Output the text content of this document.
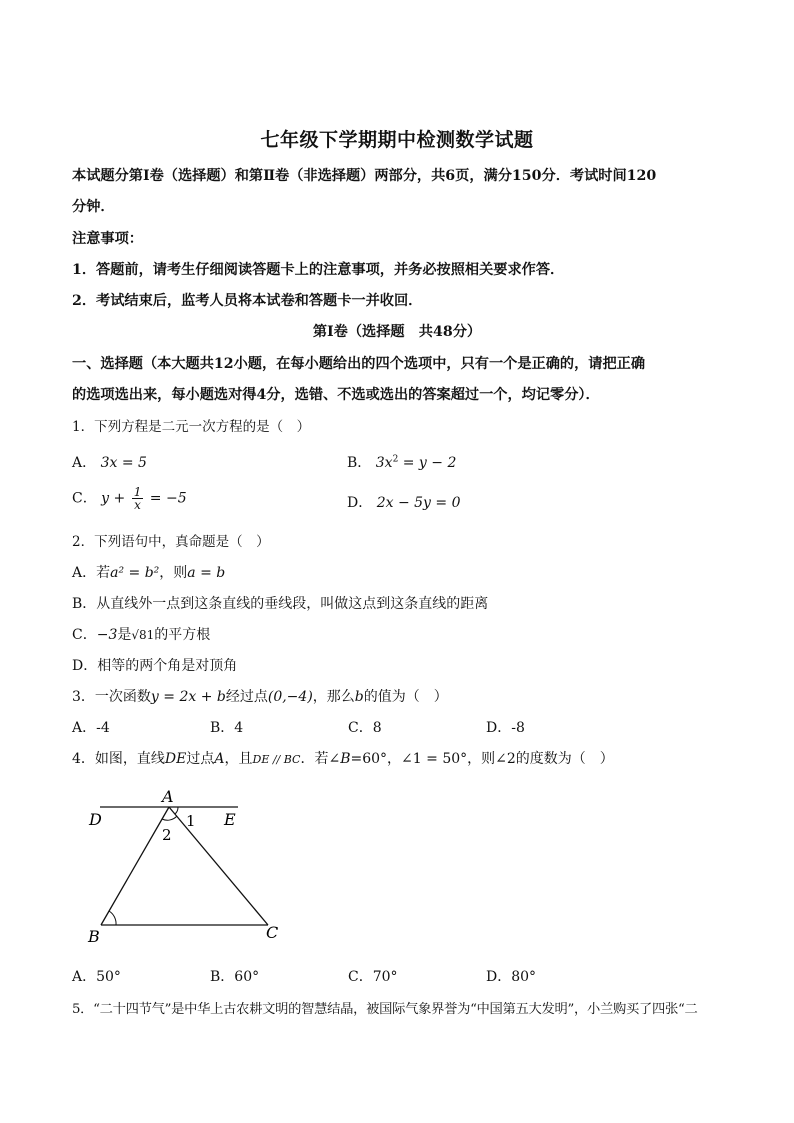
七年级下学期期中检测数学试题
本试题分第Ⅰ卷（选择题）和第Ⅱ卷（非选择题）两部分，共6页，满分150分．考试时间120
分钟．
注意事项：
1．答题前，请考生仔细阅读答题卡上的注意事项，并务必按照相关要求作答．
2．考试结束后，监考人员将本试卷和答题卡一并收回．
第Ⅰ卷（选择题　共48分）
一、选择题（本大题共12小题，在每小题给出的四个选项中，只有一个是正确的，请把正确
的选项选出来，每小题选对得4分，选错、不选或选出的答案超过一个，均记零分）．
1．下列方程是二元一次方程的是（　）
A． 3x = 5	B． $3x^2 = y - 2$
C． $y + \frac{1}{x} = -5$	D． 2x − 5y = 0
2．下列语句中，真命题是（　）
A．若a² = b²，则a = b
B．从直线外一点到这条直线的垂线段，叫做这点到这条直线的距离
C．−3是√81的平方根
D．相等的两个角是对顶角
3．一次函数y = 2x + b经过点(0,−4)，那么b的值为（　）
A．-4	B．4	C．8	D．-8
4．如图，直线DE过点A，且DE // BC．若∠B=60°，∠1 = 50°，则∠2的度数为（　）
A
D	E
B	C
1
2
A．50°	B．60°	C．70°	D．80°
5．“二十四节气”是中华上古农耕文明的智慧结晶，被国际气象界誉为“中国第五大发明”，小兰购买了四张“二
